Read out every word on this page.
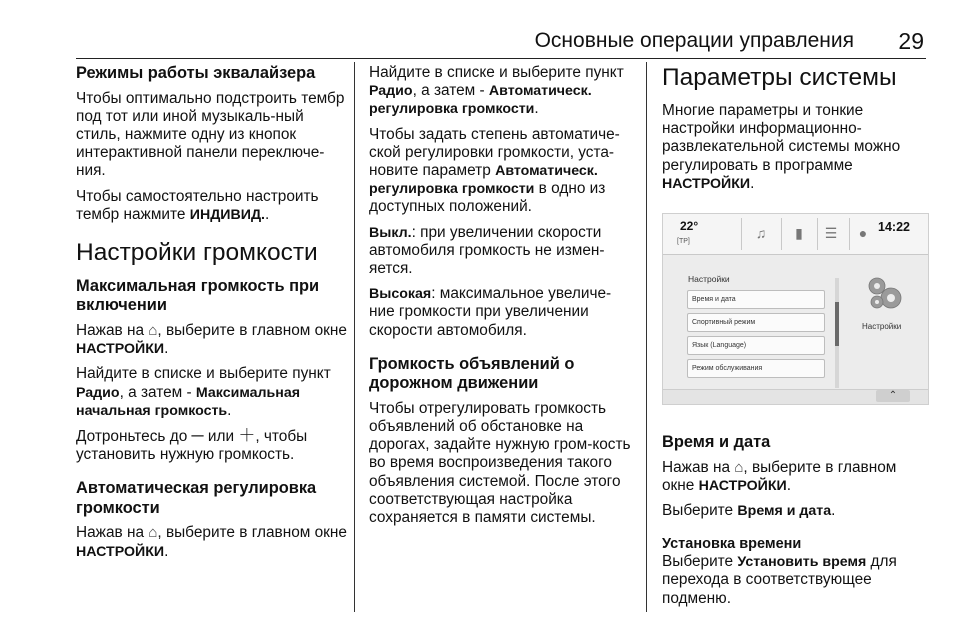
Основные операции управления 29
Режимы работы эквалайзера

Чтобы оптимально подстроить тембр под тот или иной музыкаль-ный стиль, нажмите одну из кнопок интерактивной панели переключе-ния.

Чтобы самостоятельно настроить тембр нажмите ИНДИВИД..

Настройки громкости
Максимальная громкость при включении

Нажав на ⌂, выберите в главном окне НАСТРОЙКИ.

Найдите в списке и выберите пункт Радио, а затем - Максимальная начальная громкость.

Дотроньтесь до ─ или ＋, чтобы установить нужную громкость.

Автоматическая регулировка громкости

Нажав на ⌂, выберите в главном окне НАСТРОЙКИ.

Найдите в списке и выберите пункт Радио, а затем - Автоматическ. регулировка громкости.

Чтобы задать степень автоматиче-ской регулировки громкости, уста-новите параметр Автоматическ. регулировка громкости в одно из доступных положений.

Выкл.: при увеличении скорости автомобиля громкость не измен-яется.

Высокая: максимальное увеличе-ние громкости при увеличении скорости автомобиля.

Громкость объявлений о дорожном движении

Чтобы отрегулировать громкость объявлений об обстановке на дорогах, задайте нужную гром-кость во время воспроизведения такого объявления системой. После этого соответствующая настройка сохраняется в памяти системы.

Параметры системы

Многие параметры и тонкие настройки информационно-развлекательной системы можно регулировать в программе НАСТРОЙКИ.

22°
[TP]
♫	▮	☰	● 14:22
Настройки
Время и дата
Спортивный режим
Язык (Language)
Режим обслуживания
Настройки
⌃
Время и дата

Нажав на ⌂, выберите в главном окне НАСТРОЙКИ.

Выберите Время и дата.

Установка времени

Выберите Установить время для перехода в соответствующее подменю.
